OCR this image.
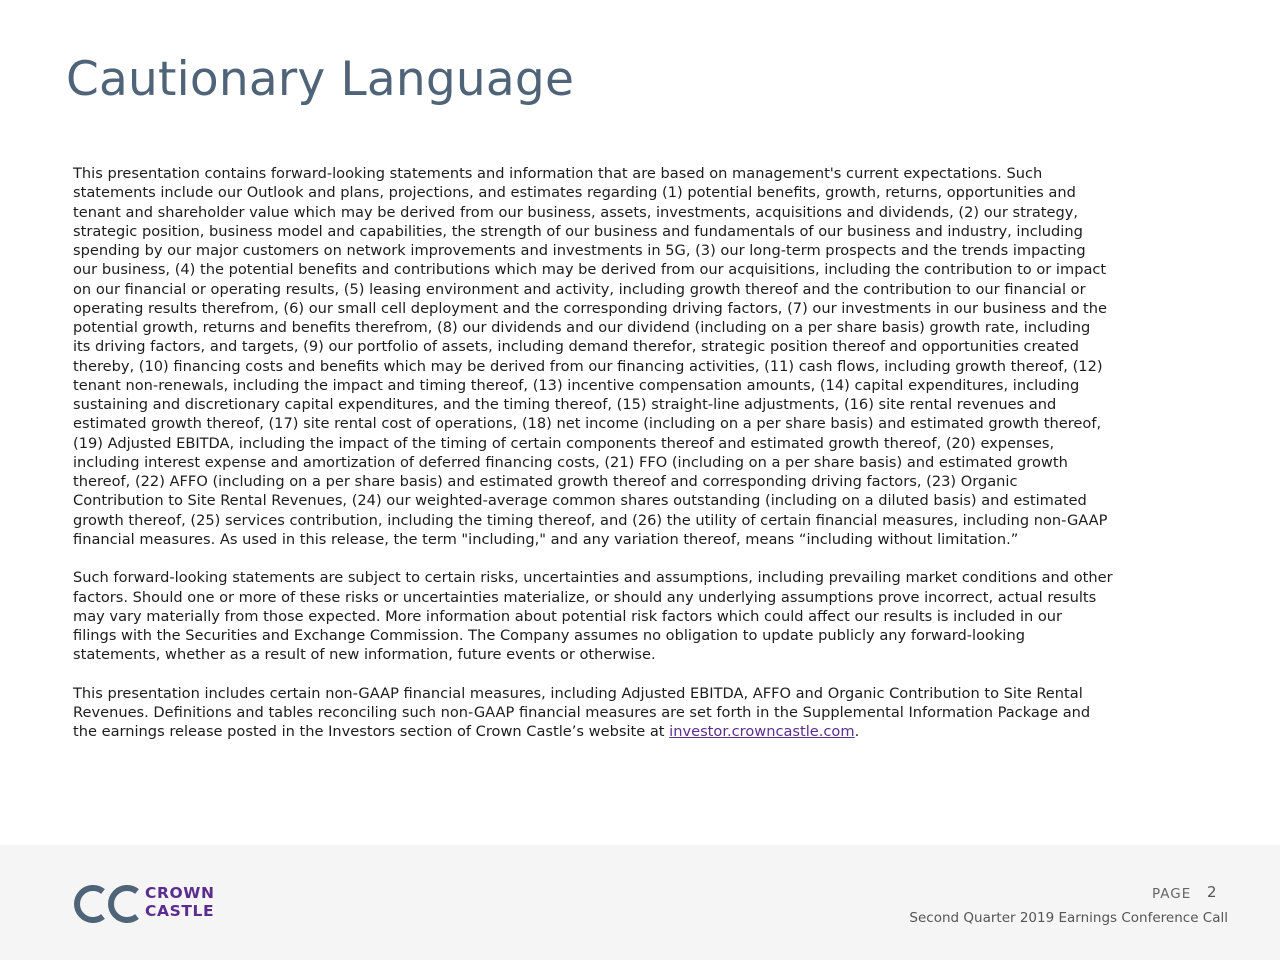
Cautionary Language
This presentation contains forward-looking statements and information that are based on management's current expectations. Such
statements include our Outlook and plans, projections, and estimates regarding (1) potential benefits, growth, returns, opportunities and
tenant and shareholder value which may be derived from our business, assets, investments, acquisitions and dividends, (2) our strategy,
strategic position, business model and capabilities, the strength of our business and fundamentals of our business and industry, including
spending by our major customers on network improvements and investments in 5G, (3) our long-term prospects and the trends impacting
our business, (4) the potential benefits and contributions which may be derived from our acquisitions, including the contribution to or impact
on our financial or operating results, (5) leasing environment and activity, including growth thereof and the contribution to our financial or
operating results therefrom, (6) our small cell deployment and the corresponding driving factors, (7) our investments in our business and the
potential growth, returns and benefits therefrom, (8) our dividends and our dividend (including on a per share basis) growth rate, including
its driving factors, and targets, (9) our portfolio of assets, including demand therefor, strategic position thereof and opportunities created
thereby, (10) financing costs and benefits which may be derived from our financing activities, (11) cash flows, including growth thereof, (12)
tenant non-renewals, including the impact and timing thereof, (13) incentive compensation amounts, (14) capital expenditures, including
sustaining and discretionary capital expenditures, and the timing thereof, (15) straight-line adjustments, (16) site rental revenues and
estimated growth thereof, (17) site rental cost of operations, (18) net income (including on a per share basis) and estimated growth thereof,
(19) Adjusted EBITDA, including the impact of the timing of certain components thereof and estimated growth thereof, (20) expenses,
including interest expense and amortization of deferred financing costs, (21) FFO (including on a per share basis) and estimated growth
thereof, (22) AFFO (including on a per share basis) and estimated growth thereof and corresponding driving factors, (23) Organic
Contribution to Site Rental Revenues, (24) our weighted-average common shares outstanding (including on a diluted basis) and estimated
growth thereof, (25) services contribution, including the timing thereof, and (26) the utility of certain financial measures, including non-GAAP
financial measures. As used in this release, the term "including," and any variation thereof, means “including without limitation.”
Such forward-looking statements are subject to certain risks, uncertainties and assumptions, including prevailing market conditions and other
factors. Should one or more of these risks or uncertainties materialize, or should any underlying assumptions prove incorrect, actual results
may vary materially from those expected. More information about potential risk factors which could affect our results is included in our
filings with the Securities and Exchange Commission. The Company assumes no obligation to update publicly any forward-looking
statements, whether as a result of new information, future events or otherwise.
This presentation includes certain non-GAAP financial measures, including Adjusted EBITDA, AFFO and Organic Contribution to Site Rental
Revenues. Definitions and tables reconciling such non-GAAP financial measures are set forth in the Supplemental Information Package and
the earnings release posted in the Investors section of Crown Castle’s website at investor.crowncastle.com.
CROWN
CASTLE
PAGE 2
Second Quarter 2019 Earnings Conference Call
